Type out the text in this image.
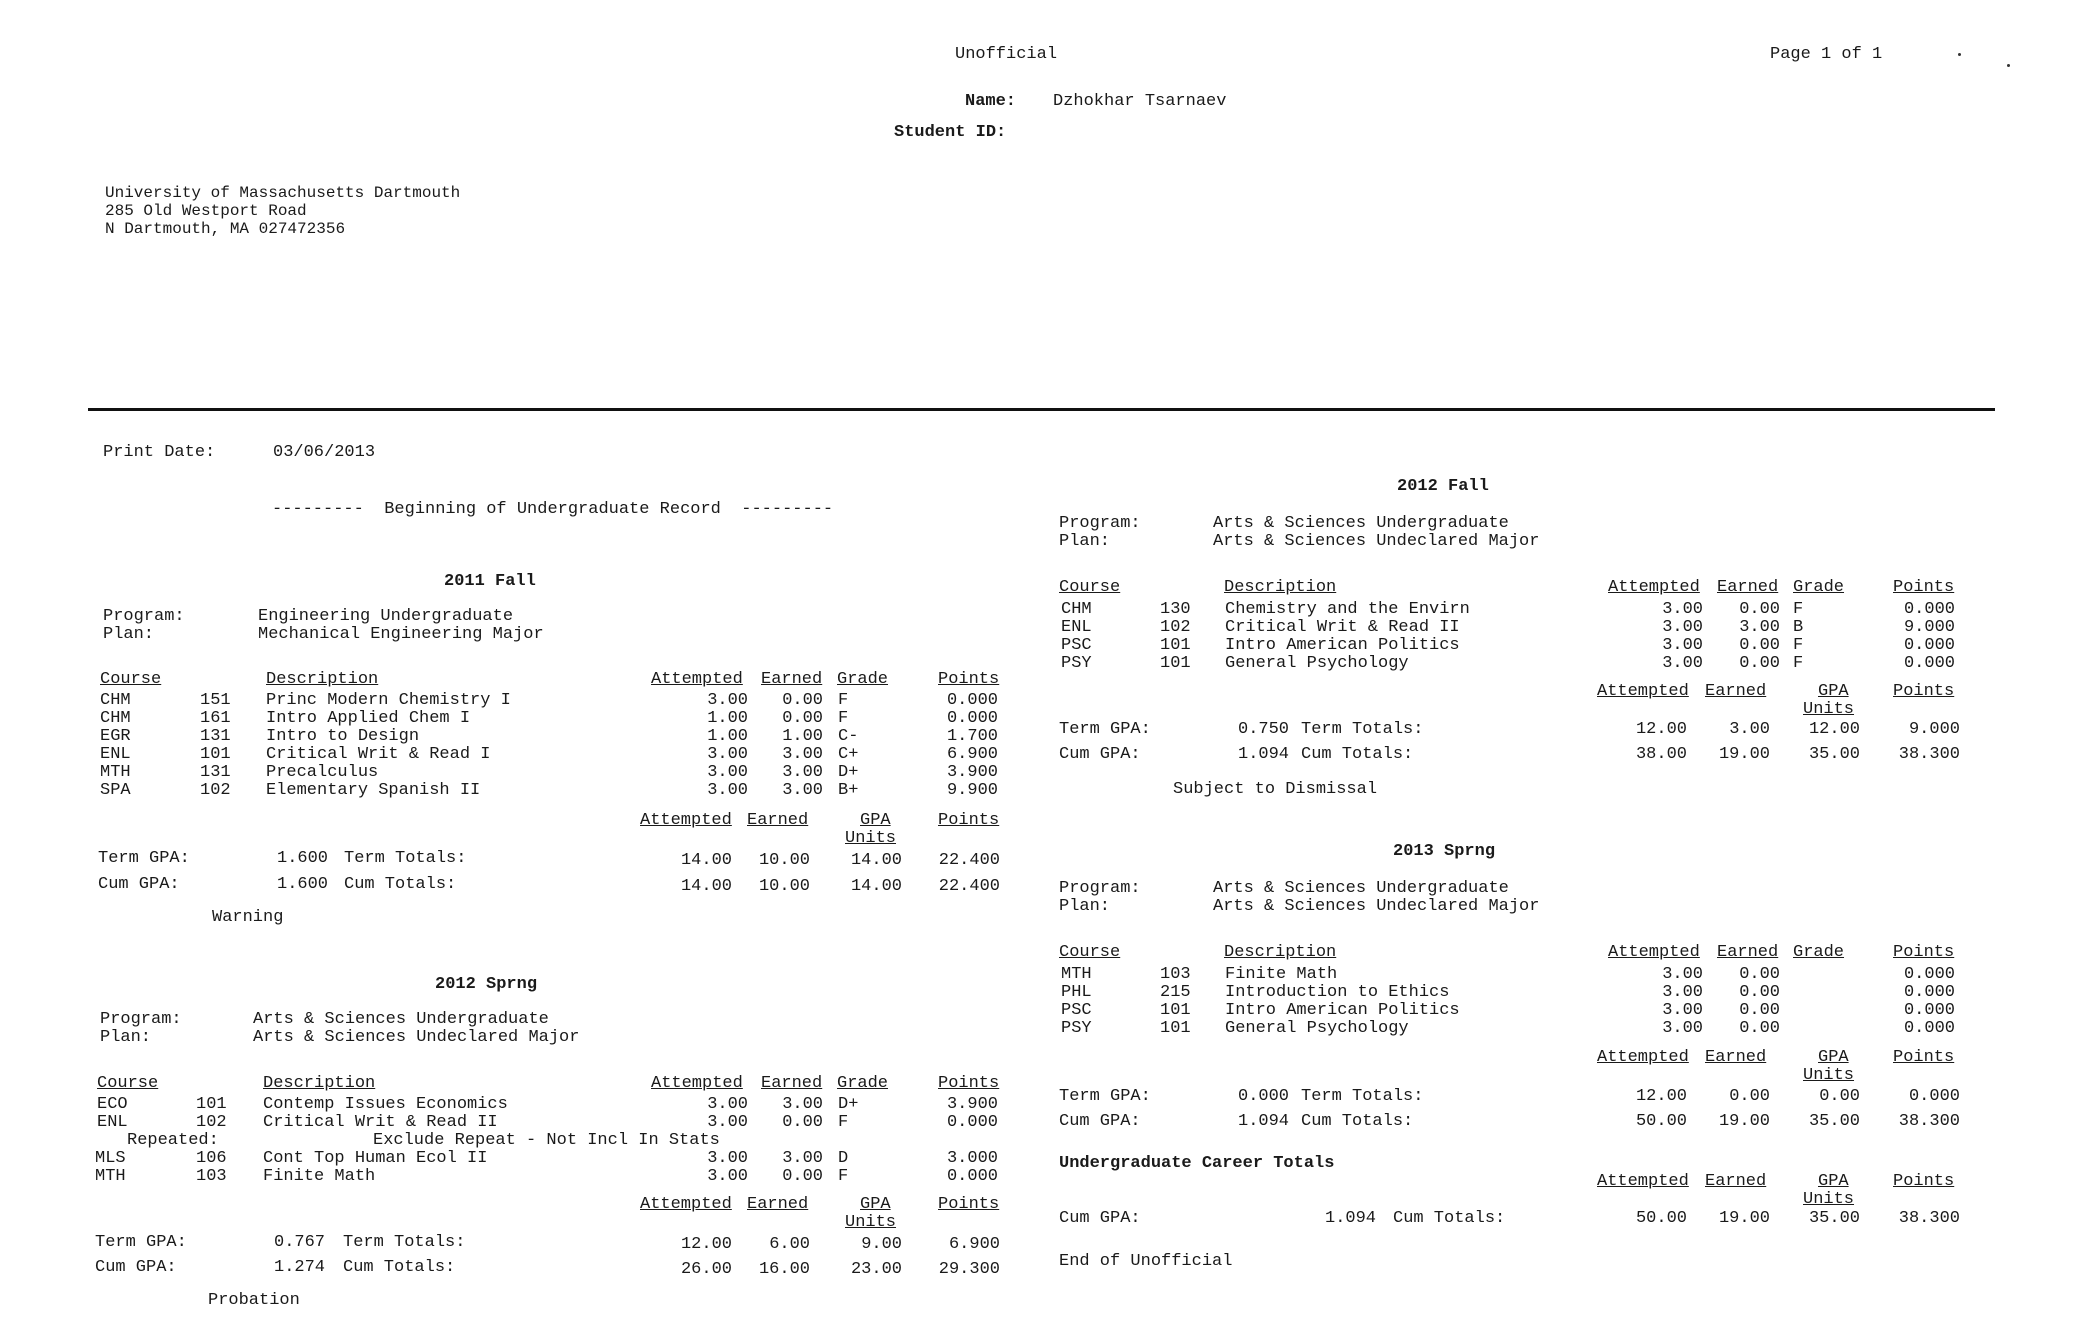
Unofficial	Page 1 of 1
Name: Dzhokhar Tsarnaev
Student ID:
University of Massachusetts Dartmouth
285 Old Westport Road
N Dartmouth, MA 027472356
Print Date:	03/06/2013
---------  Beginning of Undergraduate Record  ---------
2011 Fall
Program:	Engineering Undergraduate
Plan:	Mechanical Engineering Major
Course	Description	Attempted Earned Grade	Points
CHM	151 Princ Modern Chemistry I	3.00	0.00 F	0.000
CHM	161 Intro Applied Chem I	1.00	0.00 F	0.000
EGR	131 Intro to Design	1.00	1.00 C-	1.700
ENL	101 Critical Writ & Read I	3.00	3.00 C+	6.900
MTH	131 Precalculus	3.00	3.00 D+	3.900
SPA	102 Elementary Spanish II	3.00	3.00 B+	9.900
Attempted Earned	GPA
Units
Points
Term GPA:	1.600 Term Totals:	14.00	10.00	14.00	22.400
Cum GPA:	1.600 Cum Totals:	14.00	10.00	14.00	22.400
Warning
2012 Sprng
Program:	Arts & Sciences Undergraduate
Plan:	Arts & Sciences Undeclared Major
Course	Description	Attempted Earned Grade	Points
ECO	101 Contemp Issues Economics	3.00	3.00 D+	3.900
ENL	102 Critical Writ & Read II	3.00	0.00 F	0.000
Repeated:	Exclude Repeat - Not Incl In Stats
MLS	106 Cont Top Human Ecol II	3.00	3.00 D	3.000
MTH	103 Finite Math	3.00	0.00 F	0.000
Attempted Earned	GPA
Units
Points
Term GPA:	0.767 Term Totals:	12.00	6.00	9.00	6.900
Cum GPA:	1.274 Cum Totals:	26.00	16.00	23.00	29.300
Probation
2012 Fall
Program:	Arts & Sciences Undergraduate
Plan:	Arts & Sciences Undeclared Major
Course	Description	Attempted Earned Grade	Points
CHM	130 Chemistry and the Envirn	3.00	0.00 F	0.000
ENL	102 Critical Writ & Read II	3.00	3.00 B	9.000
PSC	101 Intro American Politics	3.00	0.00 F	0.000
PSY	101 General Psychology	3.00	0.00 F	0.000
Attempted Earned	GPA
Units
Points
Term GPA:	0.750 Term Totals:	12.00	3.00	12.00	9.000
Cum GPA:	1.094 Cum Totals:	38.00	19.00	35.00	38.300
Subject to Dismissal
2013 Sprng
Program:	Arts & Sciences Undergraduate
Plan:	Arts & Sciences Undeclared Major
Course	Description	Attempted Earned Grade	Points
MTH	103 Finite Math	3.00	0.00	0.000
PHL	215 Introduction to Ethics	3.00	0.00	0.000
PSC	101 Intro American Politics	3.00	0.00	0.000
PSY	101 General Psychology	3.00	0.00	0.000
Attempted Earned	GPA
Units
Points
Term GPA:	0.000 Term Totals:	12.00	0.00	0.00	0.000
Cum GPA:	1.094 Cum Totals:	50.00	19.00	35.00	38.300
Undergraduate Career Totals
Attempted Earned	GPA
Units
Points
Cum GPA:	1.094 Cum Totals:	50.00	19.00	35.00	38.300
End of Unofficial
